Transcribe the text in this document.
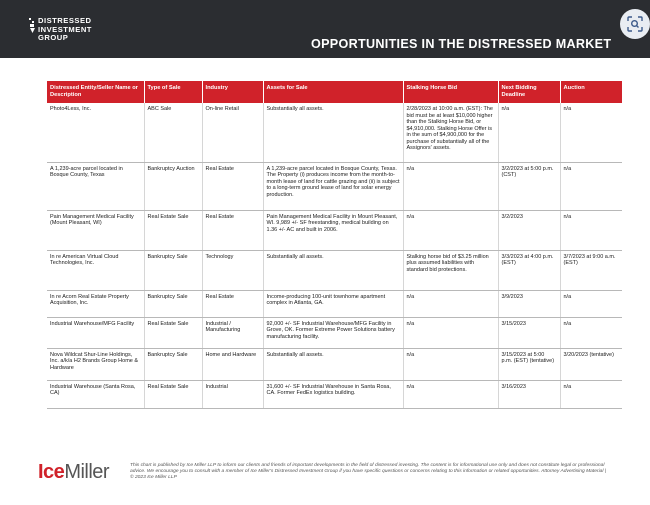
DISTRESSED
INVESTMENT
GROUP	OPPORTUNITIES IN THE DISTRESSED MARKET
Distressed Entity/Seller Name or Description	Type of Sale	Industry	Assets for Sale	Stalking Horse Bid	Next Bidding Deadline	Auction
Photo4Less, Inc.	ABC Sale	On-line Retail	Substantially all assets.	2/28/2023 at 10:00 a.m. (EST): The bid must be at least $10,000 higher than the Stalking Horse Bid, or $4,910,000. Stalking Horse Offer is in the sum of $4,900,000 for the purchase of substantially all of the Assignors' assets.	n/a	n/a
A 1,239-acre parcel located in Bosque County, Texas	Bankruptcy Auction	Real Estate	A 1,239-acre parcel located in Bosque County, Texas. The Property (i) produces income from the month-to-month lease of land for cattle grazing and (ii) is subject to a long-term ground lease of land for solar energy production.	n/a	3/2/2023 at 5:00 p.m. (CST)	n/a
Pain Management Medical Facility (Mount Pleasant, WI)	Real Estate Sale	Real Estate	Pain Management Medical Facility in Mount Pleasant, WI. 9,989 +/- SF freestanding, medical building on 1.36 +/- AC and built in 2006.	n/a	3/2/2023	n/a
In re American Virtual Cloud Technologies, Inc.	Bankruptcy Sale	Technology	Substantially all assets.	Stalking horse bid of $3.25 million plus assumed liabilities with standard bid protections.	3/3/2023 at 4:00 p.m. (EST)	3/7/2023 at 9:00 a.m. (EST)
In re Acorn Real Estate Property Acquisition, Inc.	Bankruptcy Sale	Real Estate	Income-producing 100-unit townhome apartment complex in Atlanta, GA.	n/a	3/9/2023	n/a
Industrial Warehouse/MFG Facility	Real Estate Sale	Industrial / Manufacturing	92,000 +/- SF Industrial Warehouse/MFG Facility in Grove, OK. Former Extreme Power Solutions battery manufacturing facility.	n/a	3/15/2023	n/a
Nova Wildcat Shur-Line Holdings, Inc. a/k/a H2 Brands Group Home & Hardware	Bankruptcy Sale	Home and Hardware	Substantially all assets.	n/a	3/15/2023 at 5:00 p.m. (EST) (tentative)	3/20/2023 (tentative)
Industrial Warehouse (Santa Rosa, CA)	Real Estate Sale	Industrial	31,600 +/- SF Industrial Warehouse in Santa Rosa, CA. Former FedEx logistics building.	n/a	3/16/2023	n/a
IceMiller	This chart is published by Ice Miller LLP to inform our clients and friends of important developments in the field of distressed investing. The content is for informational use only and does not constitute legal or professional advice. We encourage you to consult with a member of Ice Miller's Distressed Investment Group if you have specific questions or concerns relating to this information or related opportunities. Attorney Advertising Material | © 2023 Ice Miller LLP
